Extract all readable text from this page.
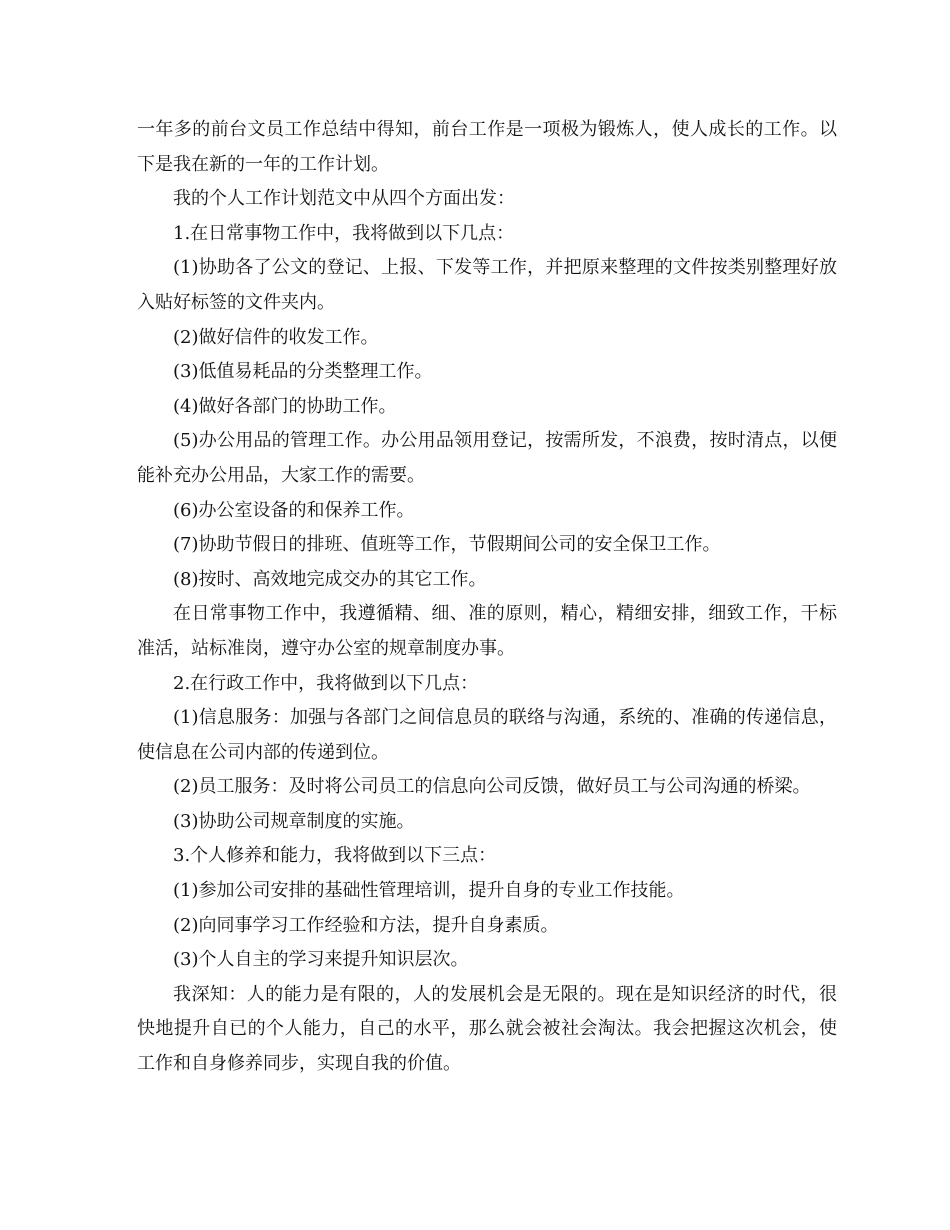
一年多的前台文员工作总结中得知，前台工作是一项极为锻炼人，使人成长的工作。以下是我在新的一年的工作计划。

我的个人工作计划范文中从四个方面出发：

1.在日常事物工作中，我将做到以下几点：

(1)协助各了公文的登记、上报、下发等工作，并把原来整理的文件按类别整理好放入贴好标签的文件夹内。

(2)做好信件的收发工作。

(3)低值易耗品的分类整理工作。

(4)做好各部门的协助工作。

(5)办公用品的管理工作。办公用品领用登记，按需所发，不浪费，按时清点，以便能补充办公用品，大家工作的需要。

(6)办公室设备的和保养工作。

(7)协助节假日的排班、值班等工作，节假期间公司的安全保卫工作。

(8)按时、高效地完成交办的其它工作。

在日常事物工作中，我遵循精、细、准的原则，精心，精细安排，细致工作，干标准活，站标准岗，遵守办公室的规章制度办事。

2.在行政工作中，我将做到以下几点：

(1)信息服务：加强与各部门之间信息员的联络与沟通，系统的、准确的传递信息，使信息在公司内部的传递到位。

(2)员工服务：及时将公司员工的信息向公司反馈，做好员工与公司沟通的桥梁。

(3)协助公司规章制度的实施。

3.个人修养和能力，我将做到以下三点：

(1)参加公司安排的基础性管理培训，提升自身的专业工作技能。

(2)向同事学习工作经验和方法，提升自身素质。

(3)个人自主的学习来提升知识层次。

我深知：人的能力是有限的，人的发展机会是无限的。现在是知识经济的时代，很快地提升自已的个人能力，自己的水平，那么就会被社会淘汰。我会把握这次机会，使工作和自身修养同步，实现自我的价值。
